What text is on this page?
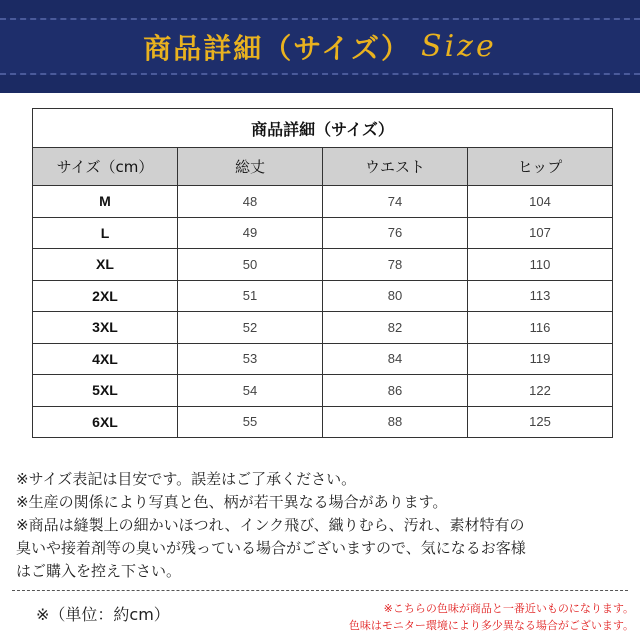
商品詳細（サイズ） Size
商品詳細（サイズ）			
サイズ（cm）	総丈	ウエスト	ヒップ
M	48	74	104
L	49	76	107
XL	50	78	110
2XL	51	80	113
3XL	52	82	116
4XL	53	84	119
5XL	54	86	122
6XL	55	88	125

※サイズ表記は目安です。誤差はご了承ください。

※生産の関係により写真と色、柄が若干異なる場合があります。

※商品は縫製上の細かいほつれ、インク飛び、織りむら、汚れ、素材特有の

臭いや接着剤等の臭いが残っている場合がございますので、気になるお客様

はご購入を控え下さい。

※（単位：約cm）	※こちらの色味が商品と一番近いものになります。

色味はモニター環境により多少異なる場合がございます。
